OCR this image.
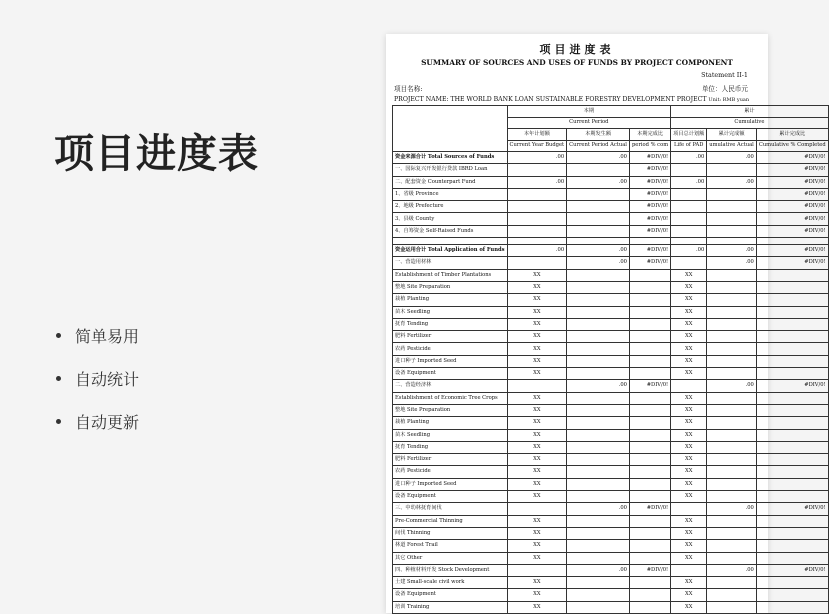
项目进度表
简单易用
自动统计
自动更新
项目进度表
SUMMARY OF SOURCES AND USES OF FUNDS BY PROJECT COMPONENT
Statement II-1
项目名称:	单位：人民币元
PROJECT NAME: THE WORLD BANK LOAN SUSTAINABLE FORESTRY DEVELOPMENT PROJECT Unit: RMB yuan
	本期			累计		
	Current Period			Cumulative		
	本年计划额	本期发生额	本期完成比	项目总计划额	累计完成额	累计完成比
	Current Year Budget	Current Period Actual	period % com	Life of PAD	umulative Actual	Cumulative % Completed
资金来源合计 Total Sources of Funds	.00	.00	#DIV/0!	.00	.00	#DIV/0!
一、国际复兴开发银行贷款 IBRD Loan			#DIV/0!			#DIV/0!
二、配套资金 Counterpart Fund	.00	.00	#DIV/0!	.00	.00	#DIV/0!
1、省级 Province			#DIV/0!			#DIV/0!
2、地级 Prefecture			#DIV/0!			#DIV/0!
3、县级 County			#DIV/0!			#DIV/0!
4、自筹资金 Self-Raised Funds			#DIV/0!			#DIV/0!

资金运用合计 Total Application of Funds	.00	.00	#DIV/0!	.00	.00	#DIV/0!
一、营造用材林		.00	#DIV/0!		.00	#DIV/0!
Establishment of Timber Plantations	XX			XX		
整地 Site Preparation	XX			XX		
栽植 Planting	XX			XX		
苗木 Seedling	XX			XX		
抚育 Tending	XX			XX		
肥料 Fertilizer	XX			XX		
农药 Pesticide	XX			XX		
进口种子 Imported Seed	XX			XX		
设备 Equipment	XX			XX		
二、营造经济林		.00	#DIV/0!		.00	#DIV/0!
Establishment of Economic Tree Crops	XX			XX		
整地 Site Preparation	XX			XX		
栽植 Planting	XX			XX		
苗木 Seedling	XX			XX		
抚育 Tending	XX			XX		
肥料 Fertilizer	XX			XX		
农药 Pesticide	XX			XX		
进口种子 Imported Seed	XX			XX		
设备 Equipment	XX			XX		
三、中幼林抚育间伐		.00	#DIV/0!		.00	#DIV/0!
Pre-Commercial Thinning	XX			XX		
间伐 Thinning	XX			XX		
林道 Forest Trail	XX			XX		
其它 Other	XX			XX		
四、种植材料开发 Stock Development		.00	#DIV/0!		.00	#DIV/0!
土建 Small-scale civil work	XX			XX		
设备 Equipment	XX			XX		
培训 Training	XX			XX		
